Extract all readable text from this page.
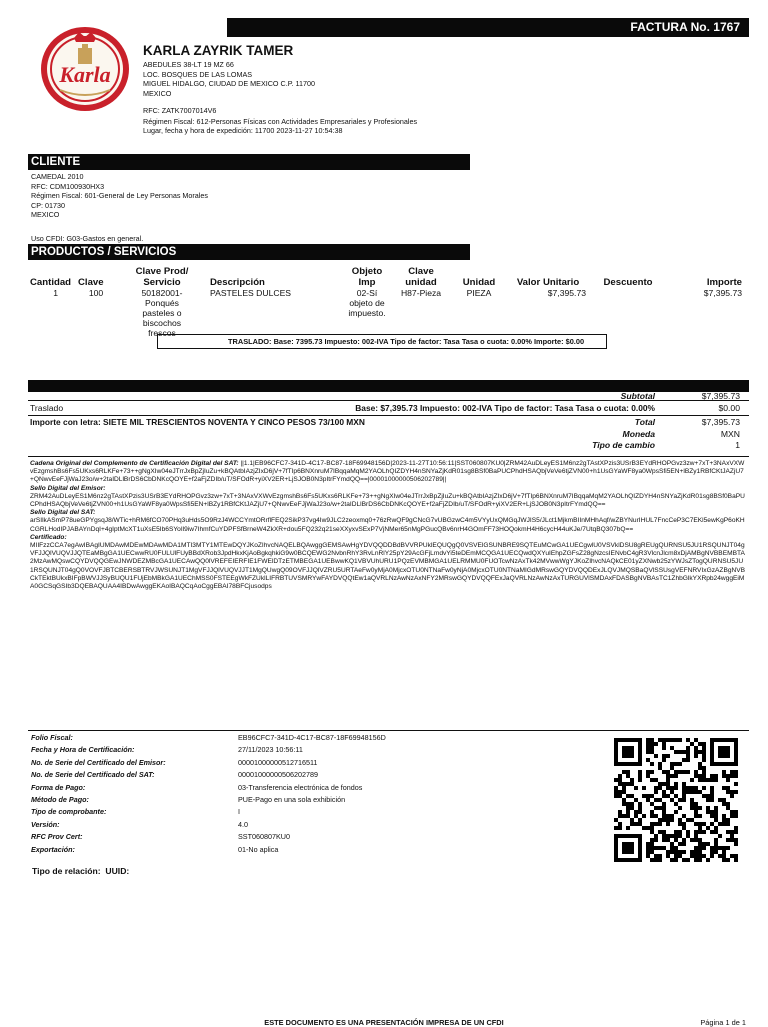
FACTURA No. 1767
Karla
KARLA ZAYRIK TAMER
ABEDULES 38-LT 19 MZ 66
LOC. BOSQUES DE LAS LOMAS
MIGUEL HIDALGO, CIUDAD DE MEXICO C.P. 11700
MEXICO
RFC: ZATK7007014V6
Régimen Fiscal: 612-Personas Físicas con Actividades Empresariales y Profesionales
Lugar, fecha y hora de expedición: 11700 2023-11-27 10:54:38
CLIENTE
CAMEDAL 2010
RFC: CDM100930HX3
Régimen Fiscal: 601-General de Ley Personas Morales
CP: 01730
MEXICO
Uso CFDI: G03-Gastos en general.
PRODUCTOS / SERVICIOS
Cantidad	Clave	Clave Prod/ Servicio	Descripción	Objeto Imp	Clave unidad	Unidad	Valor Unitario	Descuento	Importe
1	100	50182001- Ponqués pasteles o biscochos frescos	PASTELES DULCES	02-Sí objeto de impuesto.	H87-Pieza	PIEZA	$7,395.73		$7,395.73
TRASLADO: Base: 7395.73 Impuesto: 002-IVA Tipo de factor: Tasa Tasa o cuota: 0.00% Importe: $0.00
Subtotal	$7,395.73
Traslado	Base: $7,395.73 Impuesto: 002-IVA Tipo de factor: Tasa Tasa o cuota: 0.00%	$0.00
Importe con letra: SIETE MIL TRESCIENTOS NOVENTA Y CINCO PESOS 73/100 MXN	Total	$7,395.73
Moneda	MXN
Tipo de cambio	1
Cadena Original del Complemento de Certificación Digital del SAT: ||1.1|EB96CFC7-341D-4C17-BC87-18F69948156D|2023-11-27T10:56:11|SST060807KU0|ZRM42AuDLeyES1M6nz2gTAstXPzis3USrB3EYdRHOPGvz3zw+7xT+3NAxVXWvEzgmshBs6Fs5UKxs6RLKFe+73++gNgXIw04eJTrrJxBpZjIuZu+kBQAtbIAzjZIxD6jV+7fTIp6BNXnruM7IBqqaMqM2YAOLhQIZDYH4nSNYaZjKdR01sg8BSf0BaPUCPhdHSAQbjVeVe6tjZVN00+h1UsGYaWF8ya0WpsSfi5EN+lBZy1RBfCKtJAZjU7+QNwvEeFJjWaJ23o/w+2taIDLlBrDS6CbDNKcQOYE+f2aFjZDIb/uT/SFOdR+yiXV2ER+LjSJOB0N3pItrFYmdQQ==|00001000000506202789||
Sello Digital del Emisor:
ZRM42AuDLeyES1M6nz2gTAstXPzis3USrB3EYdRHOPGvz3zw+7xT+3NAxVXWvEzgmshBs6Fs5UKxs6RLKFe+73++gNgXIw04eJTrrJxBpZjIuZu+kBQAtbIAzjZIxD6jV+7fTIp6BNXnruM7IBqqaMqM2YAOLhQIZDYH4nSNYaZjKdR01sg8BSf0BaPUCPhdHSAQbjVeVe6tjZVN00+h1UsGYaWF8ya0WpsSfi5EN+lBZy1RBfCKtJAZjU7+QNwvEeFJjWaJ23o/w+2taIDLlBrDS6CbDNKcQOYE+f2aFjZDIb/uT/SFOdR+yiXV2ER+LjSJOB0N3pItrFYmdQQ==
Sello Digital del SAT:
arSIlkASmP78ueGPYgsqJ8/WTic+hRM6fCO70PHq3uHds5O9RzJ4WCCYmtORrflFEQ2SikP37vg4Iw9JLC2zeoxmq0+76zRwQF9gCNcG7vUBGzwC4m5VYyUxQMGqJWJIS5/JLct1MjkmBIInMHhAqf/wZBYNurIHUL7FncCeP3C7EKl5ewKgP6oKHCGRLHodIPJABAYnDqI+4gIptMcXT1uXsE5Ib6SYoIl9iw7IhmfCuYDPFSfBrneW4ZkXR+dou5FQ232q21seXXyxvSExP7VjNMer65nMgPGucQBv6nrH4GOmFF73HOQokmH4H6cycH44uKJe/7UtqBQ307bQ==
Certificado:
MIIFzzCCA7egAwIBAgIUMDAwMDEwMDAwMDA1MTI3MTY1MTEwDQYJKoZIhvcNAQELBQAwggGEMSAwHgYDVQQDDBdBVVRPUklEQUQgQ0VSVElGSUNBRE9SQTEuMCwGA1UECgwlU0VSVklDSU8gREUgQURNSU5JU1RSQUNJT04gVFJJQlVUQVJJQTEaMBgGA1UECwwRU0FULUlFUyBBdXRob3JpdHkxKjAoBgkqhkiG9w0BCQEWG2NvbnRhY3RvLnRlY25pY29AcGFjLmdvYi5teDEmMCQGA1UECQwdQXYuIEhpZGFsZ28gNzcsIENvbC4gR3VlcnJlcm8xDjAMBgNVBBEMBTA2MzAwMQswCQYDVQQGEwJNWDEZMBcGA1UECAwQQ0lVREFEIERFIE1FWElDTzETMBEGA1UEBwwKQ1VBVUhURU1PQzEVMBMGA1UELRMMU0FUOTcwNzAxTk42MVwwWgYJKoZIhvcNAQkCE01yZXNwb25zYWJsZTogQURNSU5JU1RSQUNJT04gQ0VOVFJBTCBERSBTRVJWSUNJT1MgVFJJQlVUQVJJT1MgQUwgQ09OVFJJQlVZRU5URTAeFw0yMjA0MjcxOTU0NTNaFw0yNjA0MjcxOTU0NTNaMIGdMRswGQYDVQQDExJLQVJMQSBaQVlSSUsgVEFNRVIxGzAZBgNVBCkTEktBUkxBIFpBWVJJSyBUQU1FUjEbMBkGA1UEChMSS0FSTEEgWkFZUklLIFRBTUVSMRYwFAYDVQQtEw1aQVRLNzAwNzAxNFY2MRswGQYDVQQFExJaQVRLNzAwNzAxTURGUVlSMDAxFDASBgNVBAsTC1ZhbGlkYXRpb24wggEiMA0GCSqGSIb3DQEBAQUAA4IBDwAwggEKAoIBAQCqAoCggEBAI78BFCjusodps
Folio Fiscal:	EB96CFC7-341D-4C17-BC87-18F69948156D
Fecha y Hora de Certificación:	27/11/2023 10:56:11
No. de Serie del Certificado del Emisor:	00001000000512716511
No. de Serie del Certificado del SAT:	00001000000506202789
Forma de Pago:	03-Transferencia electrónica de fondos
Método de Pago:	PUE-Pago en una sola exhibición
Tipo de comprobante:	I
Versión:	4.0
RFC Prov Cert:	SST060807KU0
Exportación:	01-No aplica
Tipo de relación: UUID:
ESTE DOCUMENTO ES UNA PRESENTACIÓN IMPRESA DE UN CFDI	Página 1 de 1
